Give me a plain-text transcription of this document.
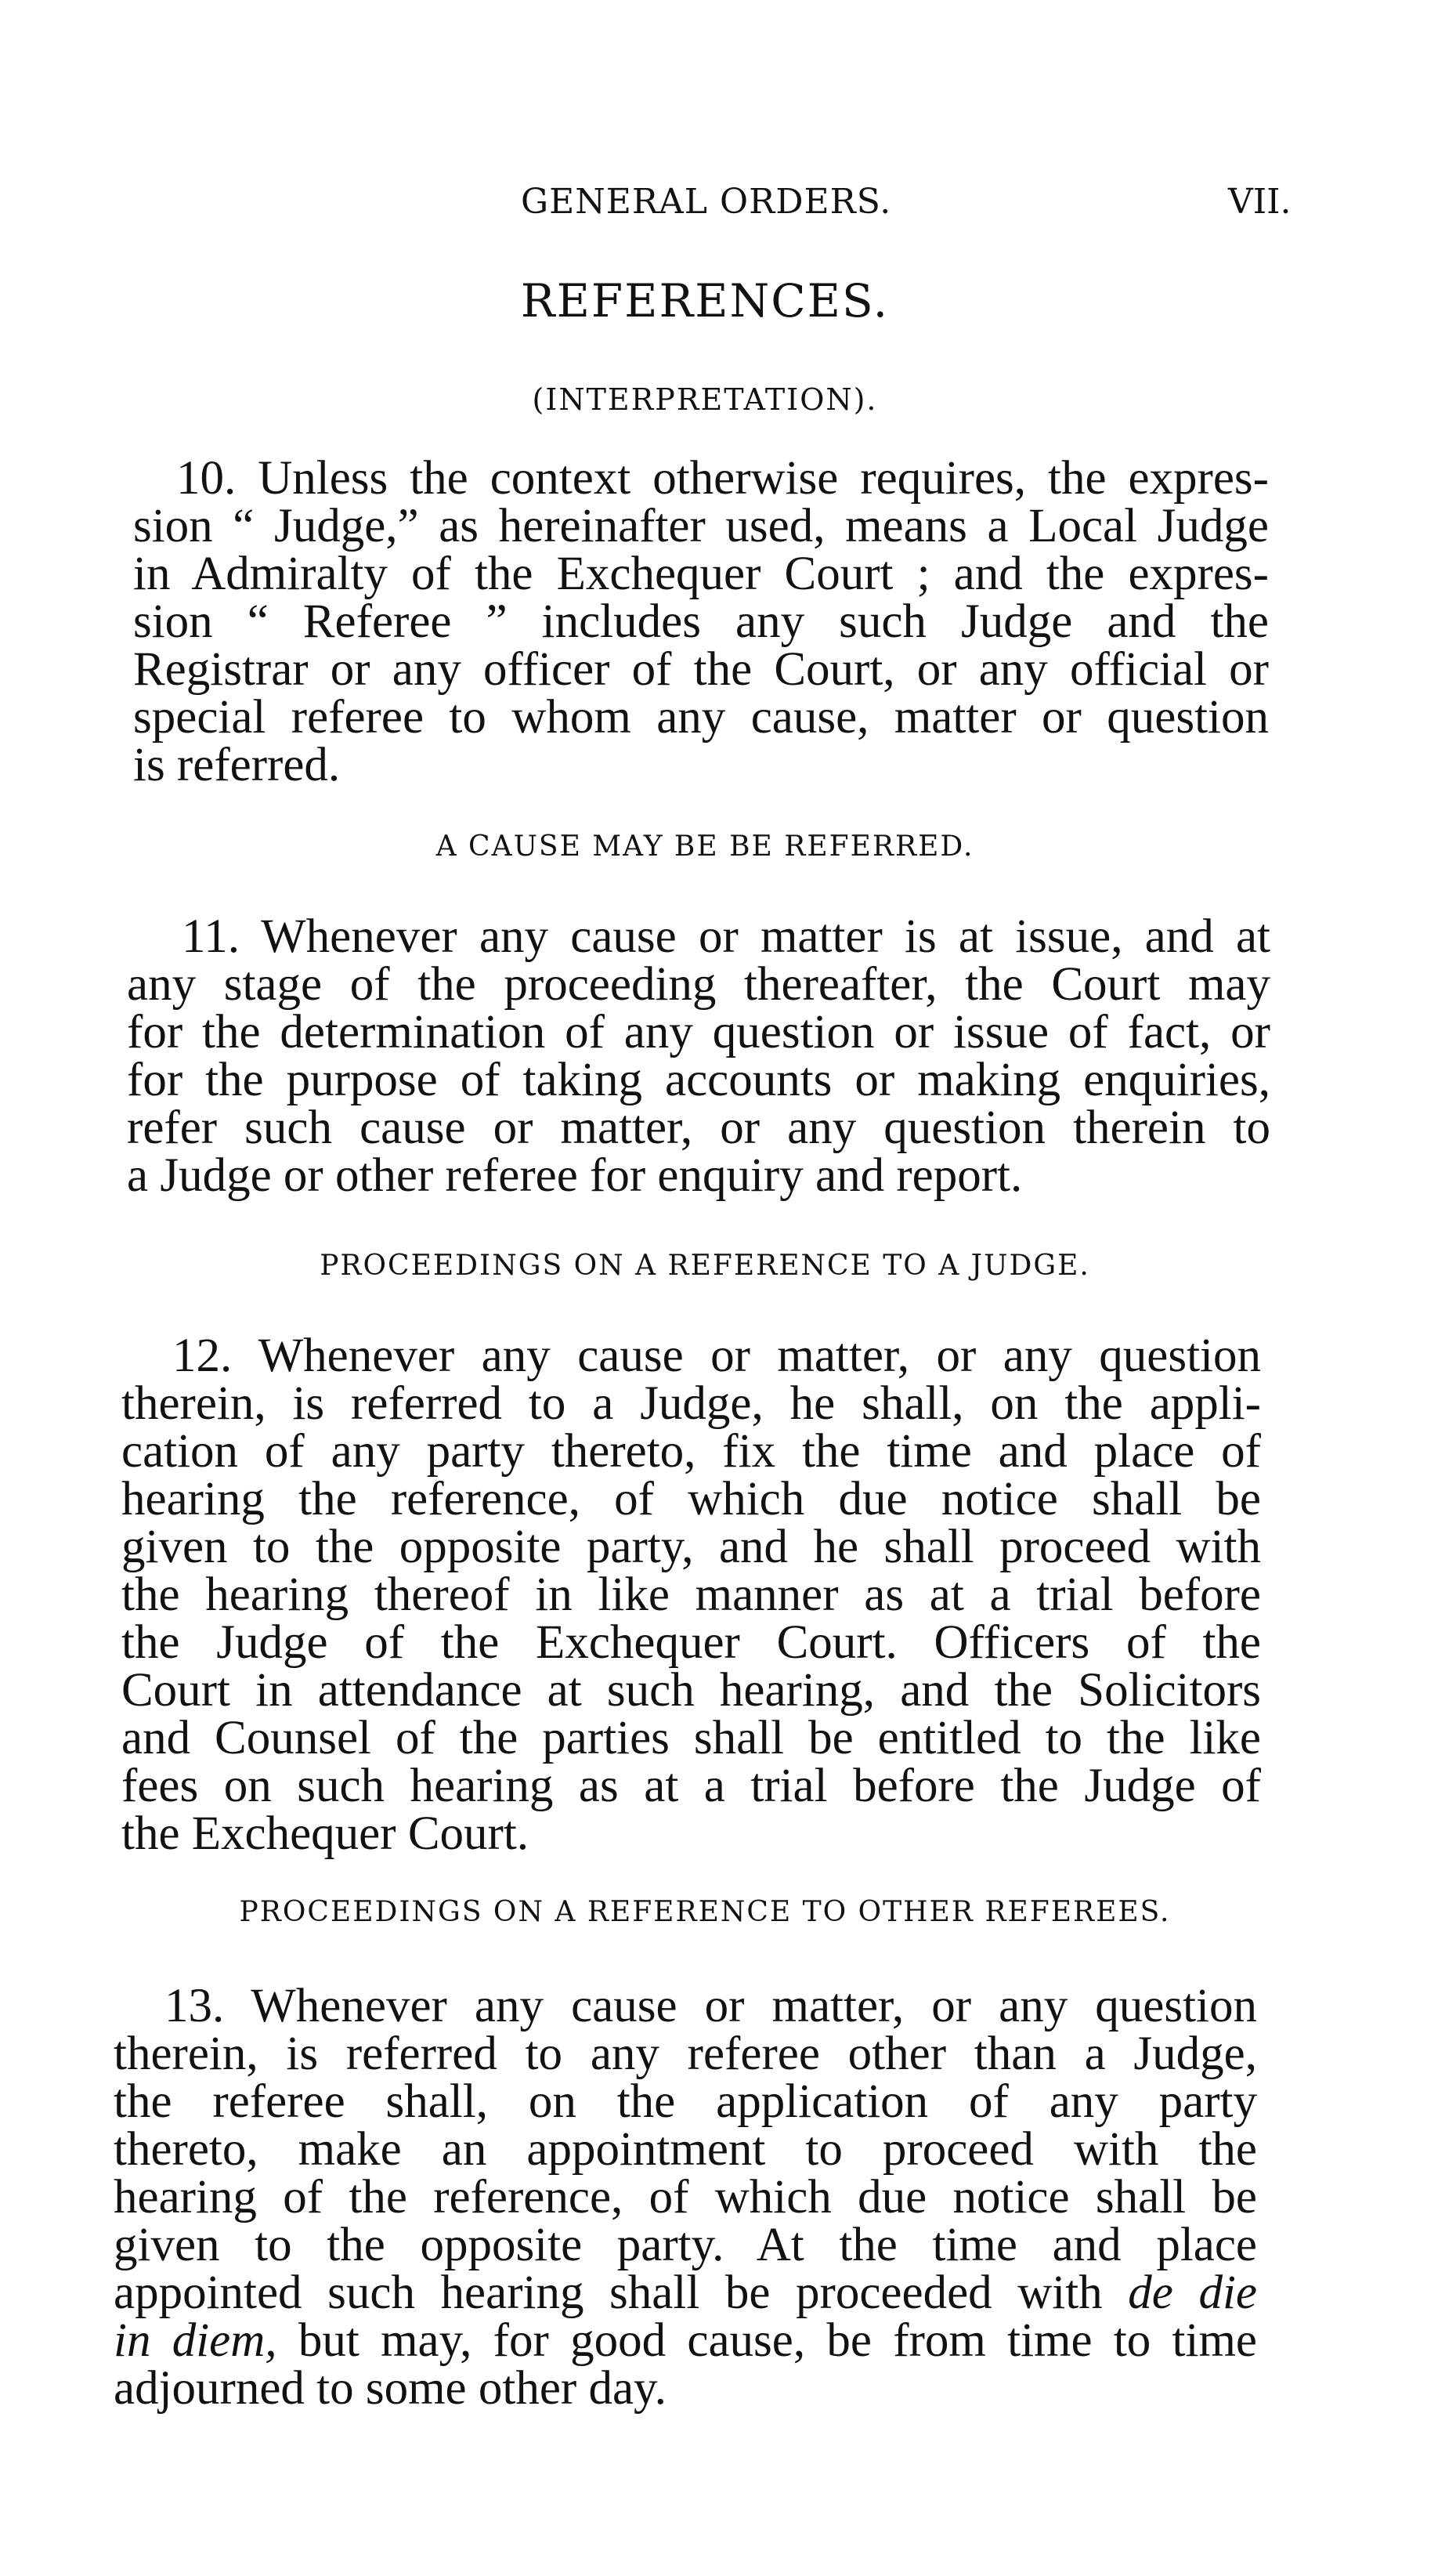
GENERAL ORDERS.	VII.
REFERENCES.
(INTERPRETATION).
10. Unless the context otherwise requires, the expres-
sion “ Judge,” as hereinafter used, means a Local Judge
in Admiralty of the Exchequer Court ; and the expres-
sion “ Referee ” includes any such Judge and the
Registrar or any officer of the Court, or any official or
special referee to whom any cause, matter or question
is referred.
A CAUSE MAY BE BE REFERRED.
11. Whenever any cause or matter is at issue, and at
any stage of the proceeding thereafter, the Court may
for the determination of any question or issue of fact, or
for the purpose of taking accounts or making enquiries,
refer such cause or matter, or any question therein to
a Judge or other referee for enquiry and report.
PROCEEDINGS ON A REFERENCE TO A JUDGE.
12. Whenever any cause or matter, or any question
therein, is referred to a Judge, he shall, on the appli-
cation of any party thereto, fix the time and place of
hearing the reference, of which due notice shall be
given to the opposite party, and he shall proceed with
the hearing thereof in like manner as at a trial before
the Judge of the Exchequer Court. Officers of the
Court in attendance at such hearing, and the Solicitors
and Counsel of the parties shall be entitled to the like
fees on such hearing as at a trial before the Judge of
the Exchequer Court.
PROCEEDINGS ON A REFERENCE TO OTHER REFEREES.
13. Whenever any cause or matter, or any question
therein, is referred to any referee other than a Judge,
the referee shall, on the application of any party
thereto, make an appointment to proceed with the
hearing of the reference, of which due notice shall be
given to the opposite party. At the time and place
appointed such hearing shall be proceeded with de die
in diem, but may, for good cause, be from time to time
adjourned to some other day.
